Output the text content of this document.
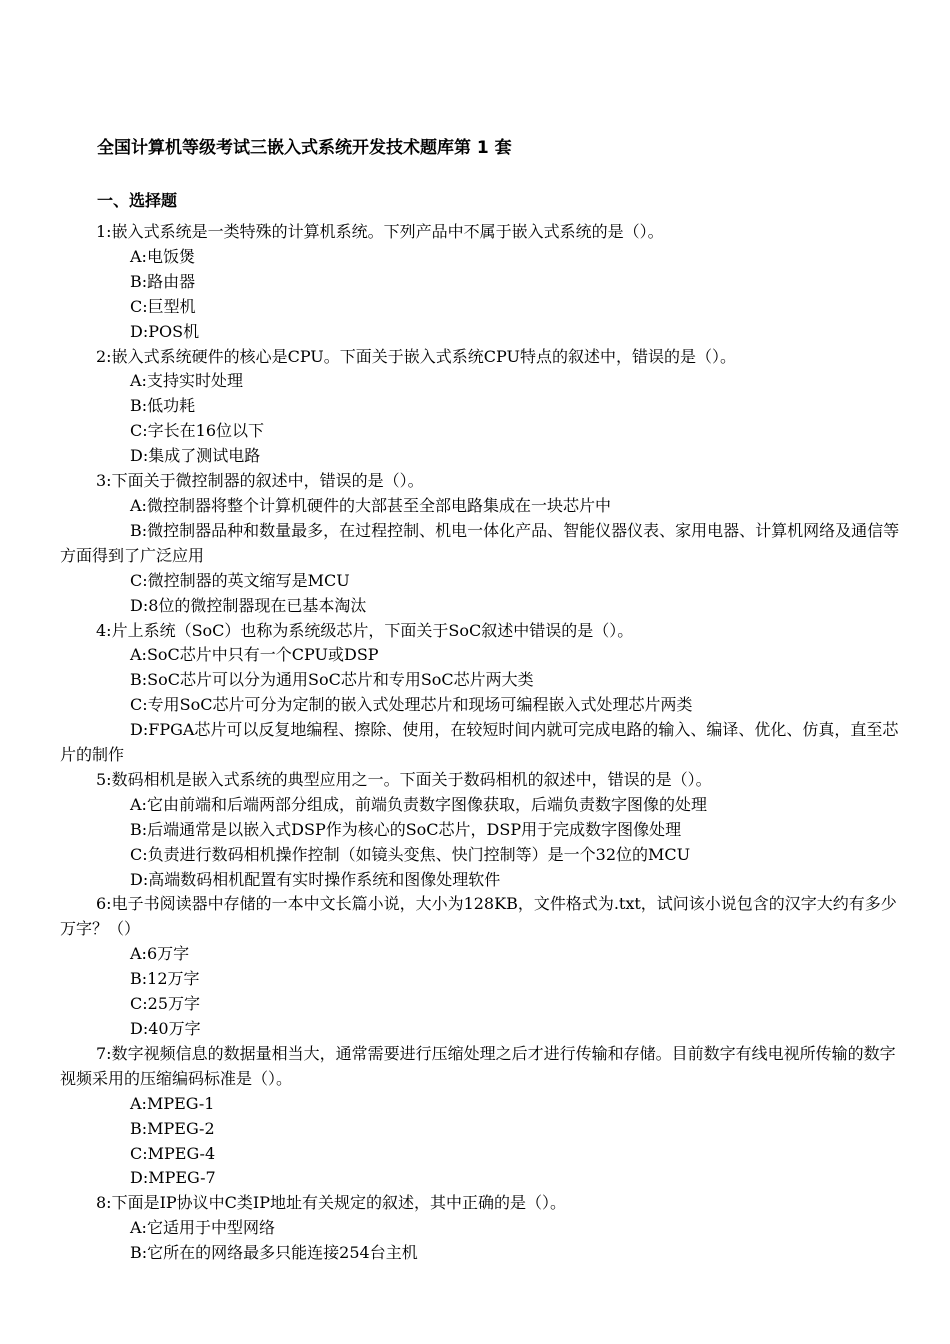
全国计算机等级考试三嵌入式系统开发技术题库第 1 套
一、选择题

1:嵌入式系统是一类特殊的计算机系统。下列产品中不属于嵌入式系统的是（）。

A:电饭煲

B:路由器

C:巨型机

D:POS机

2:嵌入式系统硬件的核心是CPU。下面关于嵌入式系统CPU特点的叙述中，错误的是（）。

A:支持实时处理

B:低功耗

C:字长在16位以下

D:集成了测试电路

3:下面关于微控制器的叙述中，错误的是（）。

A:微控制器将整个计算机硬件的大部甚至全部电路集成在一块芯片中

B:微控制器品种和数量最多，在过程控制、机电一体化产品、智能仪器仪表、家用电器、计算机网络及通信等方面得到了广泛应用

C:微控制器的英文缩写是MCU

D:8位的微控制器现在已基本淘汰

4:片上系统（SoC）也称为系统级芯片，下面关于SoC叙述中错误的是（）。

A:SoC芯片中只有一个CPU或DSP

B:SoC芯片可以分为通用SoC芯片和专用SoC芯片两大类

C:专用SoC芯片可分为定制的嵌入式处理芯片和现场可编程嵌入式处理芯片两类

D:FPGA芯片可以反复地编程、擦除、使用，在较短时间内就可完成电路的输入、编译、优化、仿真，直至芯片的制作

5:数码相机是嵌入式系统的典型应用之一。下面关于数码相机的叙述中，错误的是（）。

A:它由前端和后端两部分组成，前端负责数字图像获取，后端负责数字图像的处理

B:后端通常是以嵌入式DSP作为核心的SoC芯片，DSP用于完成数字图像处理

C:负责进行数码相机操作控制（如镜头变焦、快门控制等）是一个32位的MCU

D:高端数码相机配置有实时操作系统和图像处理软件

6:电子书阅读器中存储的一本中文长篇小说，大小为128KB，文件格式为.txt，试问该小说包含的汉字大约有多少万字？（）

A:6万字

B:12万字

C:25万字

D:40万字

7:数字视频信息的数据量相当大，通常需要进行压缩处理之后才进行传输和存储。目前数字有线电视所传输的数字视频采用的压缩编码标准是（）。

A:MPEG-1

B:MPEG-2

C:MPEG-4

D:MPEG-7

8:下面是IP协议中C类IP地址有关规定的叙述，其中正确的是（）。

A:它适用于中型网络

B:它所在的网络最多只能连接254台主机
